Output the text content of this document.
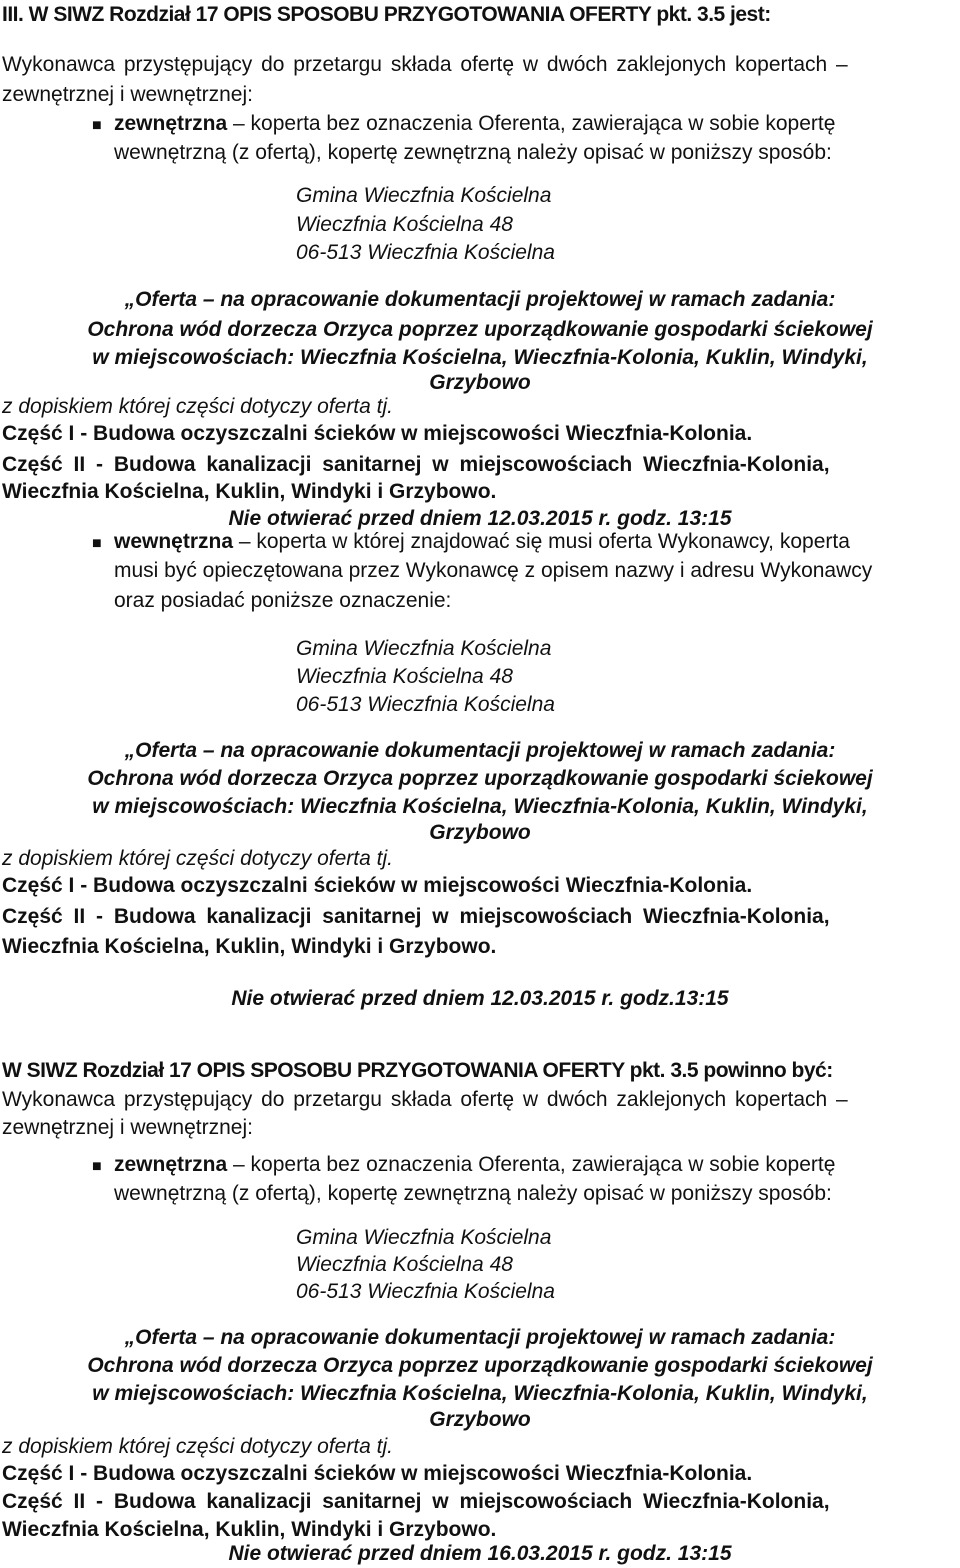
III. W SIWZ Rozdział 17 OPIS SPOSOBU PRZYGOTOWANIA OFERTY pkt. 3.5 jest:
Wykonawca przystępujący do przetargu składa ofertę w dwóch zaklejonych kopertach –
zewnętrznej i wewnętrznej:
■ zewnętrzna – koperta bez oznaczenia Oferenta, zawierająca w sobie kopertę
wewnętrzną (z ofertą), kopertę zewnętrzną należy opisać w poniższy sposób:
Gmina Wieczfnia Kościelna
Wieczfnia Kościelna 48
06-513 Wieczfnia Kościelna
„Oferta – na opracowanie dokumentacji projektowej w ramach zadania:
Ochrona wód dorzecza Orzyca poprzez uporządkowanie gospodarki ściekowej
w miejscowościach: Wieczfnia Kościelna, Wieczfnia-Kolonia, Kuklin, Windyki,
Grzybowo
z dopiskiem której części dotyczy oferta tj.
Część I - Budowa oczyszczalni ścieków w miejscowości Wieczfnia-Kolonia.
Część II - Budowa kanalizacji sanitarnej w miejscowościach Wieczfnia-Kolonia,
Wieczfnia Kościelna, Kuklin, Windyki i Grzybowo.
Nie otwierać przed dniem 12.03.2015 r. godz. 13:15
■ wewnętrzna – koperta w której znajdować się musi oferta Wykonawcy, koperta
musi być opieczętowana przez Wykonawcę z opisem nazwy i adresu Wykonawcy
oraz posiadać poniższe oznaczenie:
Gmina Wieczfnia Kościelna
Wieczfnia Kościelna 48
06-513 Wieczfnia Kościelna
„Oferta – na opracowanie dokumentacji projektowej w ramach zadania:
Ochrona wód dorzecza Orzyca poprzez uporządkowanie gospodarki ściekowej
w miejscowościach: Wieczfnia Kościelna, Wieczfnia-Kolonia, Kuklin, Windyki,
Grzybowo
z dopiskiem której części dotyczy oferta tj.
Część I - Budowa oczyszczalni ścieków w miejscowości Wieczfnia-Kolonia.
Część II - Budowa kanalizacji sanitarnej w miejscowościach Wieczfnia-Kolonia,
Wieczfnia Kościelna, Kuklin, Windyki i Grzybowo.
Nie otwierać przed dniem 12.03.2015 r. godz.13:15
W SIWZ Rozdział 17 OPIS SPOSOBU PRZYGOTOWANIA OFERTY pkt. 3.5 powinno być:
Wykonawca przystępujący do przetargu składa ofertę w dwóch zaklejonych kopertach –
zewnętrznej i wewnętrznej:
■ zewnętrzna – koperta bez oznaczenia Oferenta, zawierająca w sobie kopertę
wewnętrzną (z ofertą), kopertę zewnętrzną należy opisać w poniższy sposób:
Gmina Wieczfnia Kościelna
Wieczfnia Kościelna 48
06-513 Wieczfnia Kościelna
„Oferta – na opracowanie dokumentacji projektowej w ramach zadania:
Ochrona wód dorzecza Orzyca poprzez uporządkowanie gospodarki ściekowej
w miejscowościach: Wieczfnia Kościelna, Wieczfnia-Kolonia, Kuklin, Windyki,
Grzybowo
z dopiskiem której części dotyczy oferta tj.
Część I - Budowa oczyszczalni ścieków w miejscowości Wieczfnia-Kolonia.
Część II - Budowa kanalizacji sanitarnej w miejscowościach Wieczfnia-Kolonia,
Wieczfnia Kościelna, Kuklin, Windyki i Grzybowo.
Nie otwierać przed dniem 16.03.2015 r. godz. 13:15
